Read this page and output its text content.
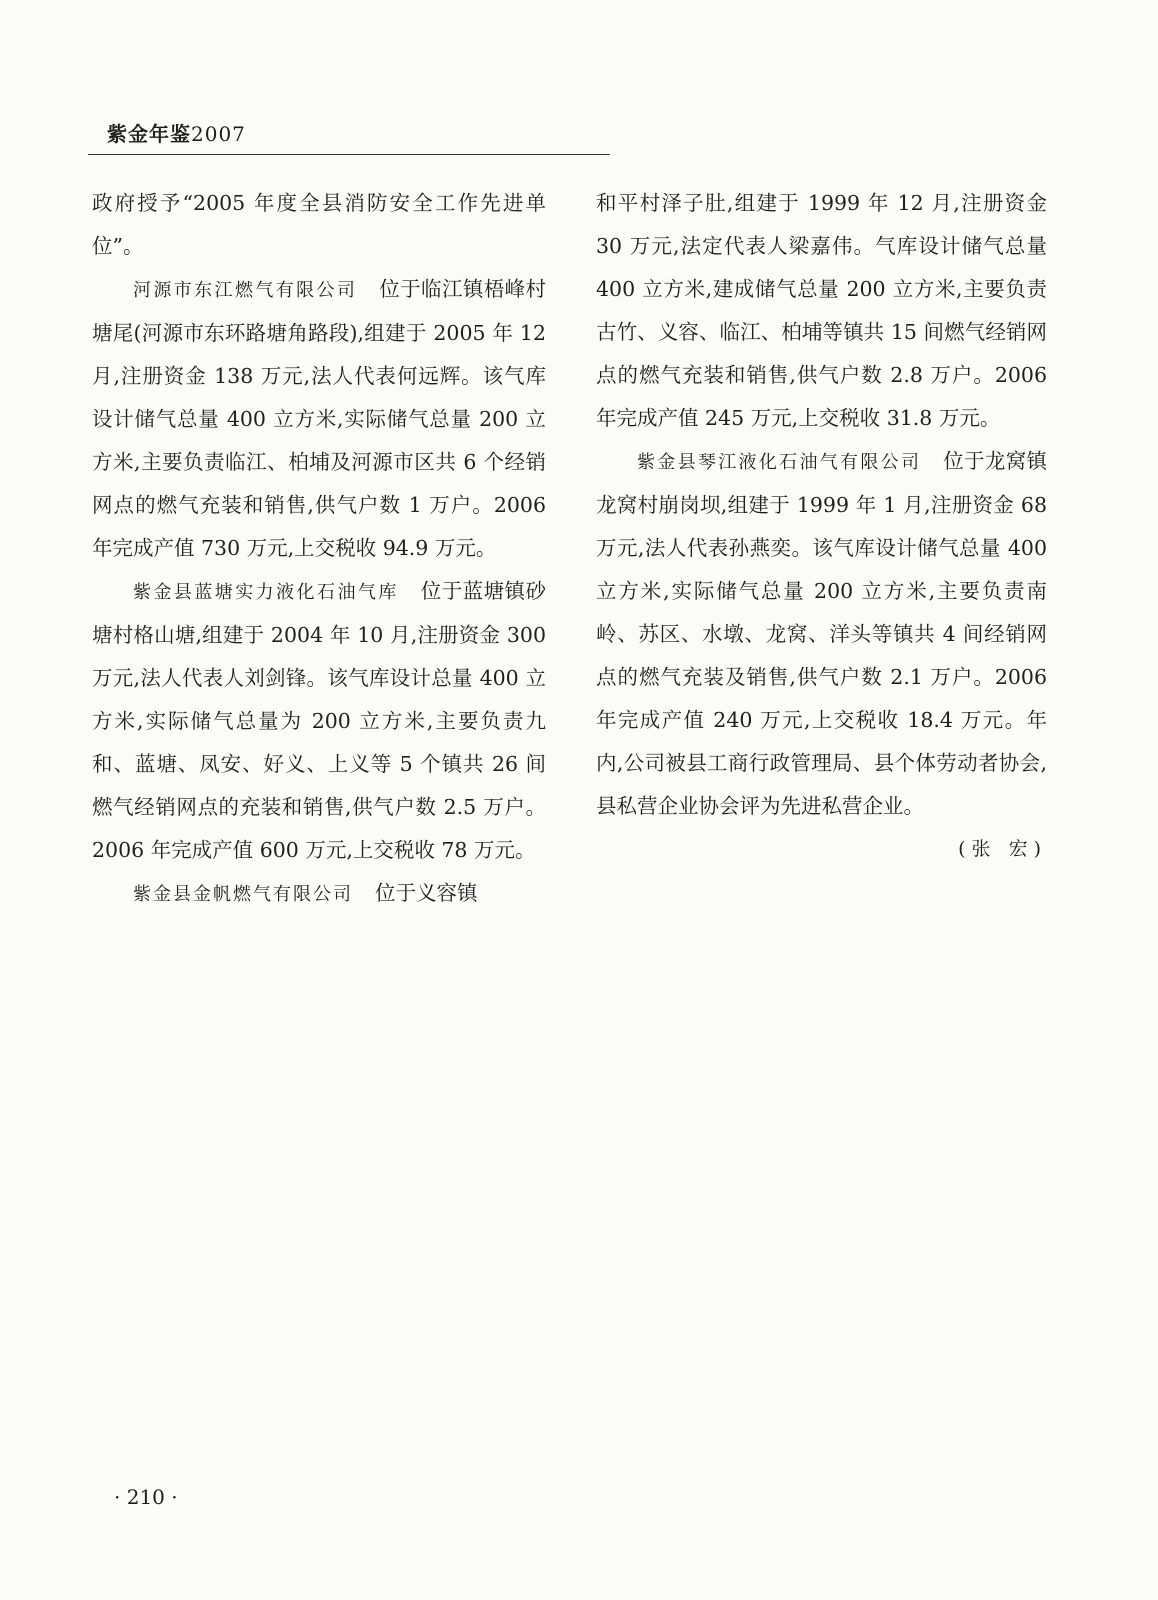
紫金年鉴2007

政府授予“2005 年度全县消防安全工作先进单位”。

河源市东江燃气有限公司 位于临江镇梧峰村塘尾(河源市东环路塘角路段),组建于 2005 年 12 月,注册资金 138 万元,法人代表何远辉。该气库设计储气总量 400 立方米,实际储气总量 200 立方米,主要负责临江、柏埔及河源市区共 6 个经销网点的燃气充装和销售,供气户数 1 万户。2006 年完成产值 730 万元,上交税收 94.9 万元。

紫金县蓝塘实力液化石油气库 位于蓝塘镇砂塘村格山塘,组建于 2004 年 10 月,注册资金 300 万元,法人代表人刘剑锋。该气库设计总量 400 立方米,实际储气总量为 200 立方米,主要负责九和、蓝塘、凤安、好义、上义等 5 个镇共 26 间燃气经销网点的充装和销售,供气户数 2.5 万户。2006 年完成产值 600 万元,上交税收 78 万元。

紫金县金帆燃气有限公司 位于义容镇

和平村泽子肚,组建于 1999 年 12 月,注册资金 30 万元,法定代表人梁嘉伟。气库设计储气总量 400 立方米,建成储气总量 200 立方米,主要负责古竹、义容、临江、柏埔等镇共 15 间燃气经销网点的燃气充装和销售,供气户数 2.8 万户。2006 年完成产值 245 万元,上交税收 31.8 万元。

紫金县琴江液化石油气有限公司 位于龙窝镇龙窝村崩岗坝,组建于 1999 年 1 月,注册资金 68 万元,法人代表孙燕奕。该气库设计储气总量 400 立方米,实际储气总量 200 立方米,主要负责南岭、苏区、水墩、龙窝、洋头等镇共 4 间经销网点的燃气充装及销售,供气户数 2.1 万户。2006 年完成产值 240 万元,上交税收 18.4 万元。年内,公司被县工商行政管理局、县个体劳动者协会,县私营企业协会评为先进私营企业。

(张 宏)

· 210 ·
